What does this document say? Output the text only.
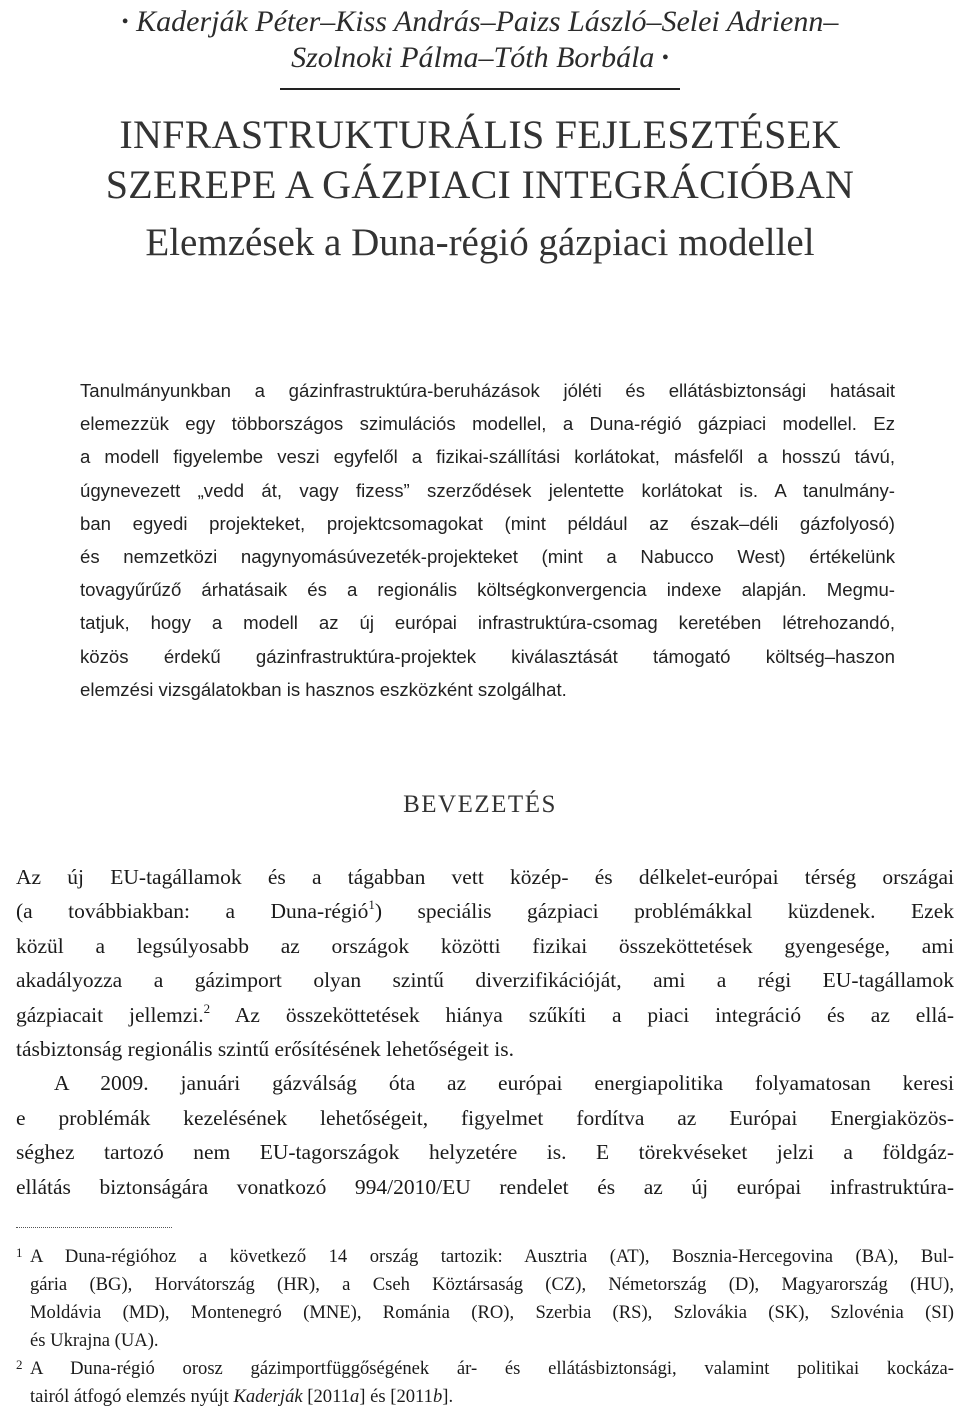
• Kaderják Péter–Kiss András–Paizs László–Selei Adrienn–
Szolnoki Pálma–Tóth Borbála •
INFRASTRUKTURÁLIS FEJLESZTÉSEK
SZEREPE A GÁZPIACI INTEGRÁCIÓBAN
Elemzések a Duna-régió gázpiaci modellel
Tanulmányunkban a gázinfrastruktúra-beruházások jóléti és ellátásbiztonsági hatásait
elemezzük egy többországos szimulációs modellel, a Duna-régió gázpiaci modellel. Ez
a modell figyelembe veszi egyfelől a fizikai-szállítási korlátokat, másfelől a hosszú távú,
úgynevezett „vedd át, vagy fizess” szerződések jelentette korlátokat is. A tanulmány-
ban egyedi projekteket, projektcsomagokat (mint például az észak–déli gázfolyosó)
és nemzetközi nagynyomásúvezeték-projekteket (mint a Nabucco West) értékelünk
tovagyűrűző árhatásaik és a regionális költségkonvergencia indexe alapján. Megmu-
tatjuk, hogy a modell az új európai infrastruktúra-csomag keretében létrehozandó,
közös érdekű gázinfrastruktúra-projektek kiválasztását támogató költség–haszon
elemzési vizsgálatokban is hasznos eszközként szolgálhat.
BEVEZETÉS
Az új EU-tagállamok és a tágabban vett közép- és délkelet-európai térség országai
(a továbbiakban: a Duna-régió$^1$) speciális gázpiaci problémákkal küzdenek. Ezek
közül a legsúlyosabb az országok közötti fizikai összeköttetések gyengesége, ami
akadályozza a gázimport olyan szintű diverzifikációját, ami a régi EU-tagállamok
gázpiacait jellemzi.$^2$ Az összeköttetések hiánya szűkíti a piaci integráció és az ellá-
tásbiztonság regionális szintű erősítésének lehetőségeit is.
A 2009. januári gázválság óta az európai energiapolitika folyamatosan keresi
e problémák kezelésének lehetőségeit, figyelmet fordítva az Európai Energiaközös-
séghez tartozó nem EU-tagországok helyzetére is. E törekvéseket jelzi a földgáz-
ellátás biztonságára vonatkozó 994/2010/EU rendelet és az új európai infrastruktúra-
1 A Duna-régióhoz a következő 14 ország tartozik: Ausztria (AT), Bosznia-Hercegovina (BA), Bul-
gária (BG), Horvátország (HR), a Cseh Köztársaság (CZ), Németország (D), Magyarország (HU),
Moldávia (MD), Montenegró (MNE), Románia (RO), Szerbia (RS), Szlovákia (SK), Szlovénia (SI)
és Ukrajna (UA).
2 A Duna-régió orosz gázimportfüggőségének ár- és ellátásbiztonsági, valamint politikai kockáza-
tairól átfogó elemzés nyújt Kaderják [2011a] és [2011b].
